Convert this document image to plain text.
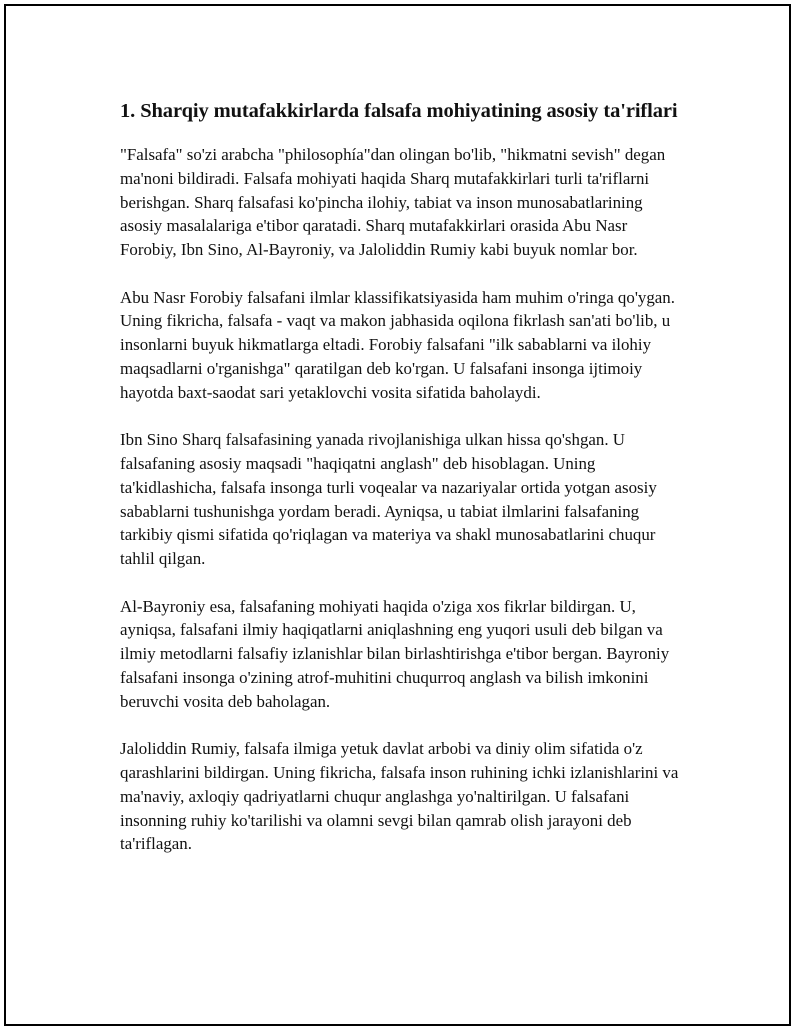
1. Sharqiy mutafakkirlarda falsafa mohiyatining asosiy ta'riflari

"Falsafa" so'zi arabcha "philosophía"dan olingan bo'lib, "hikmatni sevish" degan ma'noni bildiradi. Falsafa mohiyati haqida Sharq mutafakkirlari turli ta'riflarni berishgan. Sharq falsafasi ko'pincha ilohiy, tabiat va inson munosabatlarining asosiy masalalariga e'tibor qaratadi. Sharq mutafakkirlari orasida Abu Nasr Forobiy, Ibn Sino, Al-Bayroniy, va Jaloliddin Rumiy kabi buyuk nomlar bor.

Abu Nasr Forobiy falsafani ilmlar klassifikatsiyasida ham muhim o'ringa qo'ygan. Uning fikricha, falsafa - vaqt va makon jabhasida oqilona fikrlash san'ati bo'lib, u insonlarni buyuk hikmatlarga eltadi. Forobiy falsafani "ilk sabablarni va ilohiy maqsadlarni o'rganishga" qaratilgan deb ko'rgan. U falsafani insonga ijtimoiy hayotda baxt-saodat sari yetaklovchi vosita sifatida baholaydi.

Ibn Sino Sharq falsafasining yanada rivojlanishiga ulkan hissa qo'shgan. U falsafaning asosiy maqsadi "haqiqatni anglash" deb hisoblagan. Uning ta'kidlashicha, falsafa insonga turli voqealar va nazariyalar ortida yotgan asosiy sabablarni tushunishga yordam beradi. Ayniqsa, u tabiat ilmlarini falsafaning tarkibiy qismi sifatida qo'riqlagan va materiya va shakl munosabatlarini chuqur tahlil qilgan.

Al-Bayroniy esa, falsafaning mohiyati haqida o'ziga xos fikrlar bildirgan. U, ayniqsa, falsafani ilmiy haqiqatlarni aniqlashning eng yuqori usuli deb bilgan va ilmiy metodlarni falsafiy izlanishlar bilan birlashtirishga e'tibor bergan. Bayroniy falsafani insonga o'zining atrof-muhitini chuqurroq anglash va bilish imkonini beruvchi vosita deb baholagan.

Jaloliddin Rumiy, falsafa ilmiga yetuk davlat arbobi va diniy olim sifatida o'z qarashlarini bildirgan. Uning fikricha, falsafa inson ruhining ichki izlanishlarini va ma'naviy, axloqiy qadriyatlarni chuqur anglashga yo'naltirilgan. U falsafani insonning ruhiy ko'tarilishi va olamni sevgi bilan qamrab olish jarayoni deb ta'riflagan.
